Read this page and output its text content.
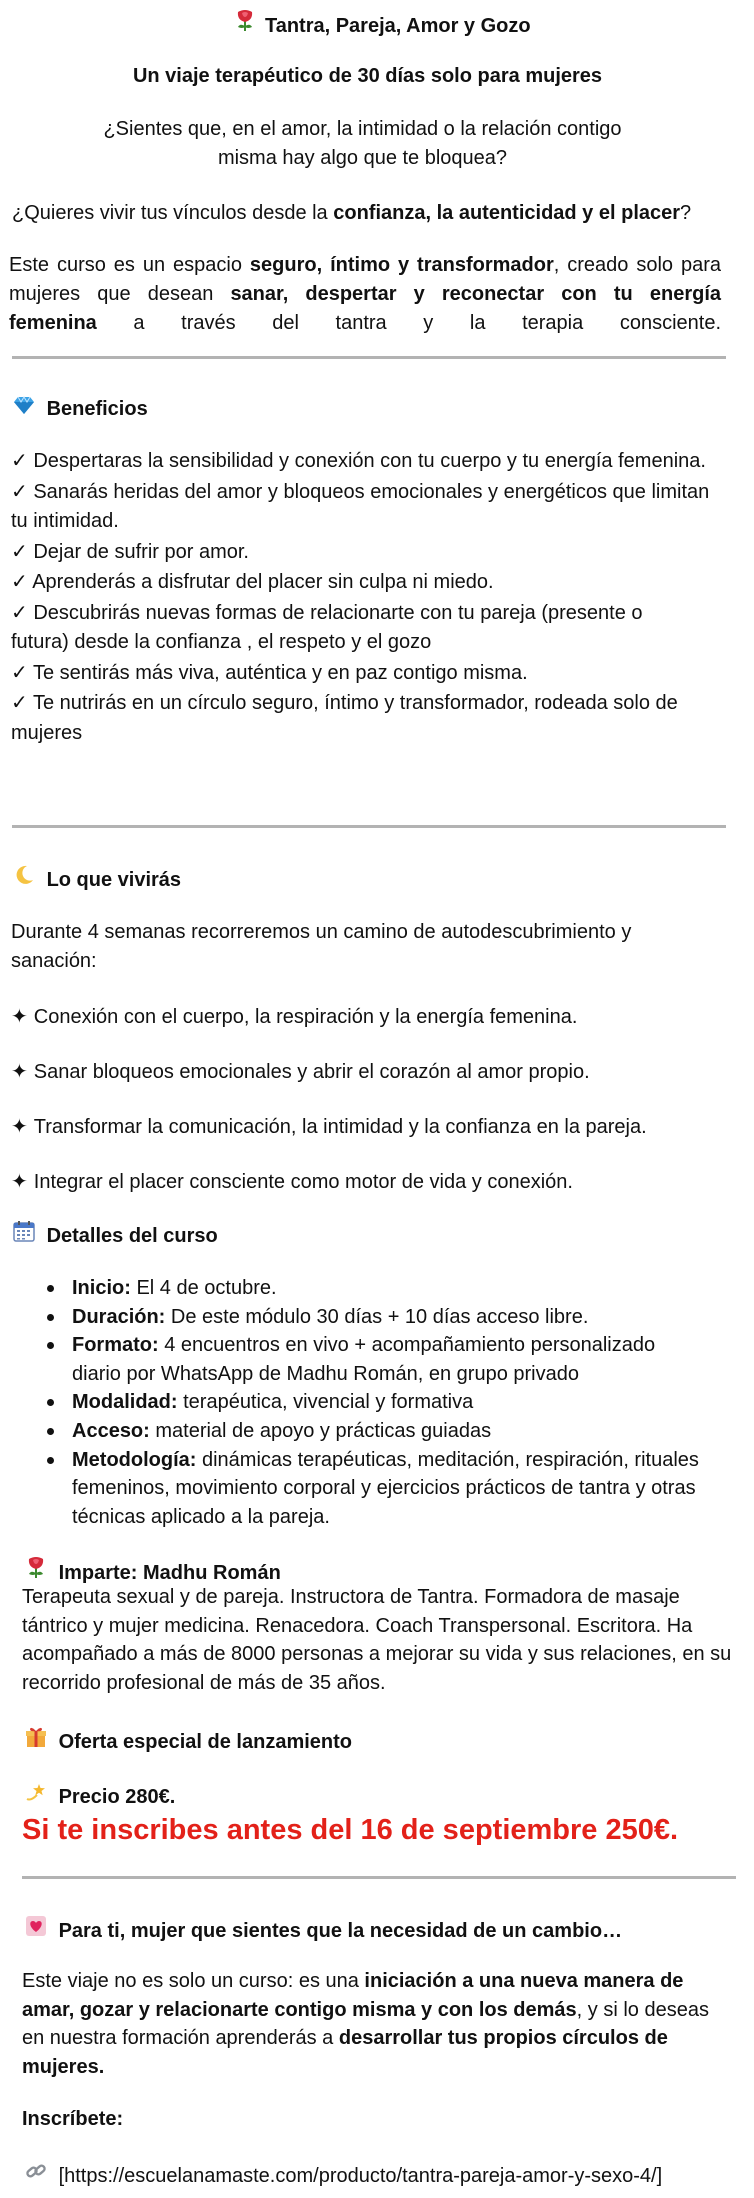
Tantra, Pareja, Amor y Gozo
Un viaje terapéutico de 30 días solo para mujeres
¿Sientes que, en el amor, la intimidad o la relación contigo misma hay algo que te bloquea?
¿Quieres vivir tus vínculos desde la confianza, la autenticidad y el placer?
Este curso es un espacio seguro, íntimo y transformador, creado solo para
mujeres que desean sanar, despertar y reconectar con tu energía
femenina a través del tantra y la terapia consciente.
Beneficios
✓ Despertaras la sensibilidad y conexión con tu cuerpo y tu energía femenina.
✓ Sanarás heridas del amor y bloqueos emocionales y energéticos que limitan tu intimidad.
✓ Dejar de sufrir por amor.
✓ Aprenderás a disfrutar del placer sin culpa ni miedo.
✓ Descubrirás nuevas formas de relacionarte con tu pareja (presente o futura) desde la confianza , el respeto y el gozo
✓ Te sentirás más viva, auténtica y en paz contigo misma.
✓ Te nutrirás en un círculo seguro, íntimo y transformador, rodeada solo de mujeres
Lo que vivirás
Durante 4 semanas recorreremos un camino de autodescubrimiento y sanación:
✦ Conexión con el cuerpo, la respiración y la energía femenina.
✦ Sanar bloqueos emocionales y abrir el corazón al amor propio.
✦ Transformar la comunicación, la intimidad y la confianza en la pareja.
✦ Integrar el placer consciente como motor de vida y conexión.
Detalles del curso
Inicio: El 4 de octubre.
Duración: De este módulo 30 días + 10 días acceso libre.
Formato: 4 encuentros en vivo + acompañamiento personalizado diario por WhatsApp de Madhu Román, en grupo privado
Modalidad: terapéutica, vivencial y formativa
Acceso: material de apoyo y prácticas guiadas
Metodología: dinámicas terapéuticas, meditación, respiración, rituales femeninos, movimiento corporal y ejercicios prácticos de tantra y otras técnicas aplicado a la pareja.
Imparte: Madhu Román
Terapeuta sexual y de pareja. Instructora de Tantra. Formadora de masaje tántrico y mujer medicina. Renacedora. Coach Transpersonal. Escritora. Ha acompañado a más de 8000 personas a mejorar su vida y sus relaciones, en su recorrido profesional de más de 35 años.
Oferta especial de lanzamiento
Precio 280€.
Si te inscribes antes del 16 de septiembre 250€.
Para ti, mujer que sientes que la necesidad de un cambio…
Este viaje no es solo un curso: es una iniciación a una nueva manera de amar, gozar y relacionarte contigo misma y con los demás, y si lo deseas en nuestra formación aprenderás a desarrollar tus propios círculos de mujeres.
Inscríbete:
[https://escuelanamaste.com/producto/tantra-pareja-amor-y-sexo-4/]
